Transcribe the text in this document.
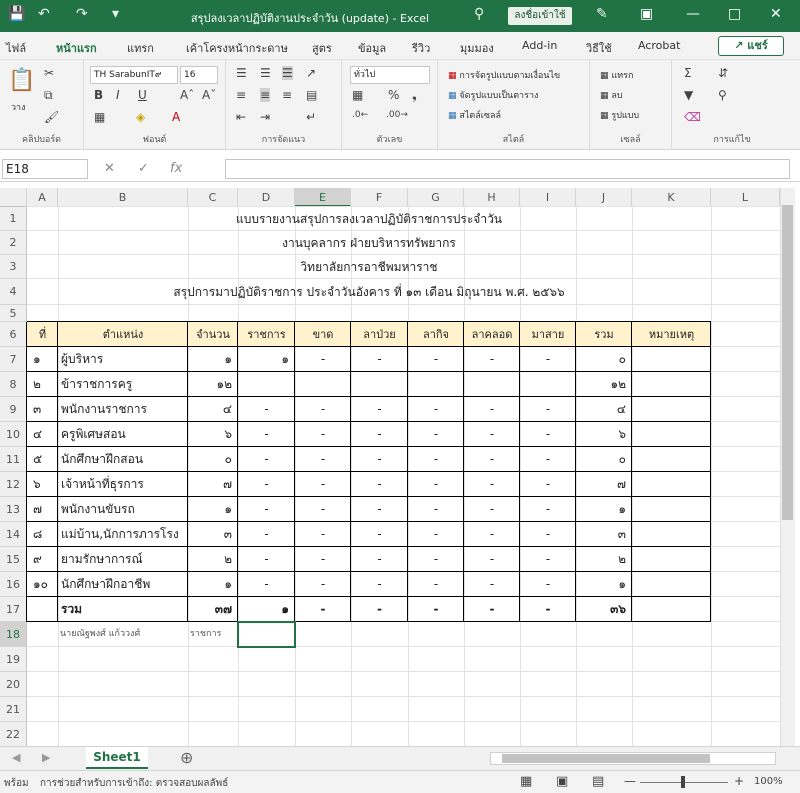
💾 ↶ ↷ ▾	สรุปลงเวลาปฏิบัติงานประจำวัน (update) - Excel	⚲	ลงชื่อเข้าใช้	✎ ▣ — □ ✕
ไฟล์	หน้าแรก	แทรก	เค้าโครงหน้ากระดาษ สูตร ข้อมูล รีวิว	มุมมอง	Add-in	วิธีใช้ Acrobat	↗ แชร์
📋
วาง
✂
⧉
🖌
คลิปบอร์ด
TH SarabunIT๙	16
B I U	Aˆ Aˇ
▦	◈ A
ฟอนต์
☰ ☰ ☰ ↗
≡ ≡ ≡ ▤
⇤ ⇥	↵
การจัดแนว
ทั่วไป
▦ % ❟
.0← .00→
ตัวเลข
▦ การจัดรูปแบบตามเงื่อนไข
▦ จัดรูปแบบเป็นตาราง
▦ สไตล์เซลล์
สไตล์
▦ แทรก
▦ ลบ
▦ รูปแบบ
เซลล์
Σ ⇵
▼ ⚲
⌫
การแก้ไข
E18	✕ ✓ fx
A	B	C	D	E	F	G	H	I	J	K	L
1
2
3
4
5
6
7
8
9
10
11
12
13
14
15
16
17
18
19
20
21
22
แบบรายงานสรุปการลงเวลาปฏิบัติราชการประจำวัน
งานบุคลากร ฝ่ายบริหารทรัพยากร
วิทยาลัยการอาชีพมหาราช
สรุปการมาปฏิบัติราชการ ประจำวันอังคาร ที่ ๑๓ เดือน มิถุนายน พ.ศ. ๒๕๖๖
ที่	ตำแหน่ง	จำนวน	ราชการ	ขาด	ลาป่วย	ลากิจ	ลาคลอด	มาสาย	รวม	หมายเหตุ
๑	ผู้บริหาร	๑	๑	-	-	-	-	-	๐
๒	ข้าราชการครู	๑๒	๑๒
๓	พนักงานราชการ	๔	-	-	-	-	-	-	๔
๔	ครูพิเศษสอน	๖	-	-	-	-	-	-	๖
๕	นักศึกษาฝึกสอน	๐	-	-	-	-	-	-	๐
๖	เจ้าหน้าที่ธุรการ	๗	-	-	-	-	-	-	๗
๗	พนักงานขับรถ	๑	-	-	-	-	-	-	๑
๘	แม่บ้าน,นักการภารโรง	๓	-	-	-	-	-	-	๓
๙	ยามรักษาการณ์	๒	-	-	-	-	-	-	๒
๑๐	นักศึกษาฝึกอาชีพ	๑	-	-	-	-	-	-	๑
รวม	๓๗	๑	-	-	-	-	-	๓๖
นายณัฐพงศ์ แก้ววงศ์	ราชการ
◀ ▶	Sheet1	⊕
พร้อม การช่วยสำหรับการเข้าถึง: ตรวจสอบผลลัพธ์	▦ ▣ ▤ —	+ 100%
